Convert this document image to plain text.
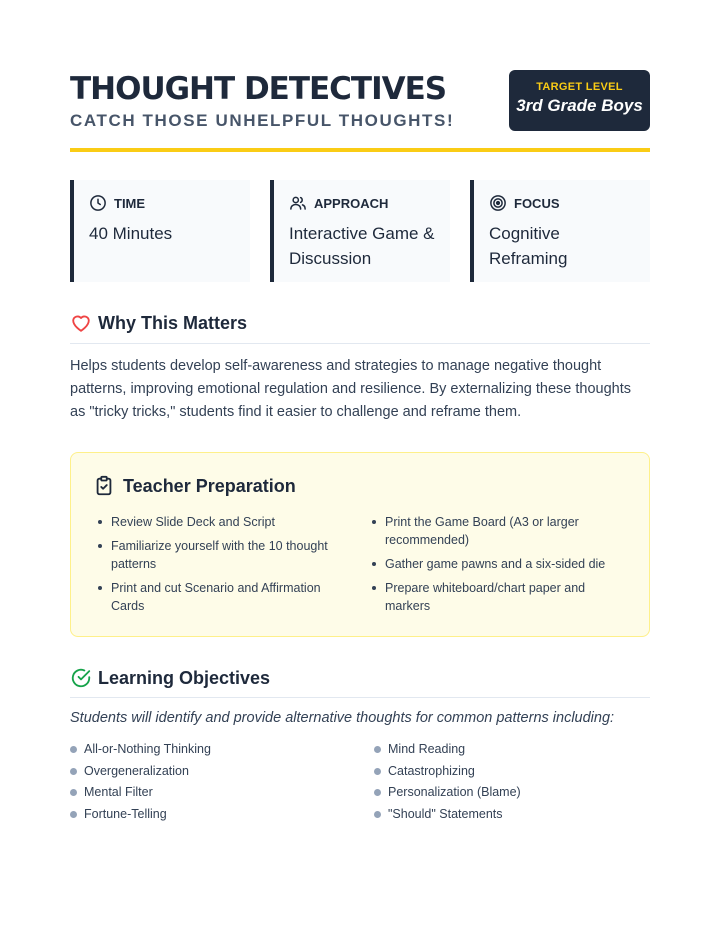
THOUGHT DETECTIVES
CATCH THOSE UNHELPFUL THOUGHTS!
TARGET LEVEL
3rd Grade Boys
TIME
40 Minutes
APPROACH
Interactive Game & Discussion
FOCUS
Cognitive Reframing
Why This Matters
Helps students develop self-awareness and strategies to manage negative thought patterns, improving emotional regulation and resilience. By externalizing these thoughts as "tricky tricks," students find it easier to challenge and reframe them.
Teacher Preparation
Review Slide Deck and Script
Familiarize yourself with the 10 thought patterns
Print and cut Scenario and Affirmation Cards
Print the Game Board (A3 or larger recommended)
Gather game pawns and a six-sided die
Prepare whiteboard/chart paper and markers
Learning Objectives
Students will identify and provide alternative thoughts for common patterns including:
All-or-Nothing Thinking
Overgeneralization
Mental Filter
Fortune-Telling
Mind Reading
Catastrophizing
Personalization (Blame)
"Should" Statements
